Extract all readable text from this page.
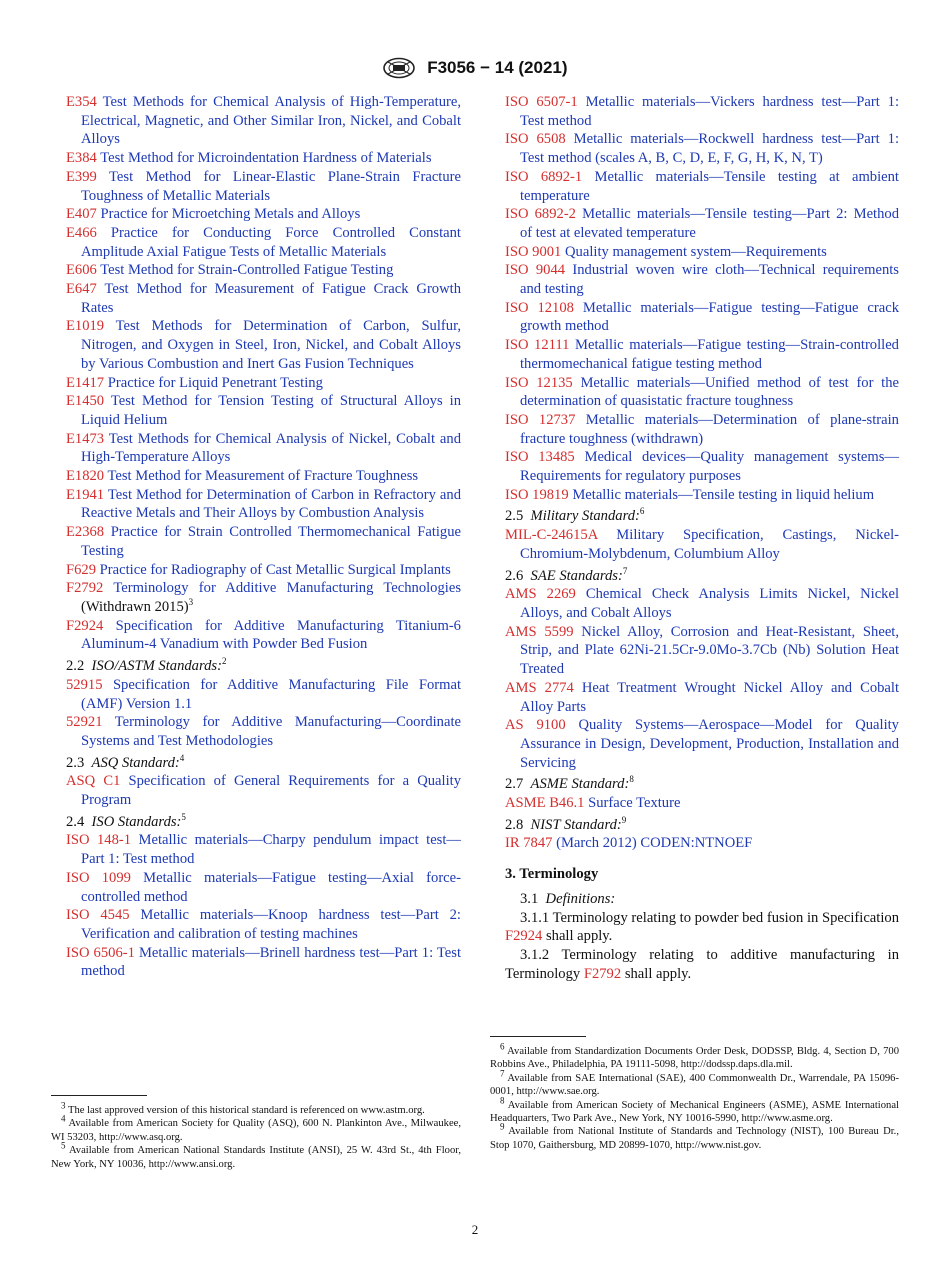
F3056 − 14 (2021)

E354 Test Methods for Chemical Analysis of High-Temperature, Electrical, Magnetic, and Other Similar Iron, Nickel, and Cobalt Alloys

E384 Test Method for Microindentation Hardness of Materials

E399 Test Method for Linear-Elastic Plane-Strain Fracture Toughness of Metallic Materials

E407 Practice for Microetching Metals and Alloys

E466 Practice for Conducting Force Controlled Constant Amplitude Axial Fatigue Tests of Metallic Materials

E606 Test Method for Strain-Controlled Fatigue Testing

E647 Test Method for Measurement of Fatigue Crack Growth Rates

E1019 Test Methods for Determination of Carbon, Sulfur, Nitrogen, and Oxygen in Steel, Iron, Nickel, and Cobalt Alloys by Various Combustion and Inert Gas Fusion Techniques

E1417 Practice for Liquid Penetrant Testing

E1450 Test Method for Tension Testing of Structural Alloys in Liquid Helium

E1473 Test Methods for Chemical Analysis of Nickel, Cobalt and High-Temperature Alloys

E1820 Test Method for Measurement of Fracture Toughness

E1941 Test Method for Determination of Carbon in Refractory and Reactive Metals and Their Alloys by Combustion Analysis

E2368 Practice for Strain Controlled Thermomechanical Fatigue Testing

F629 Practice for Radiography of Cast Metallic Surgical Implants

F2792 Terminology for Additive Manufacturing Technologies (Withdrawn 2015)$^3$

F2924 Specification for Additive Manufacturing Titanium-6 Aluminum-4 Vanadium with Powder Bed Fusion

2.2 ISO/ASTM Standards:$^2$

52915 Specification for Additive Manufacturing File Format (AMF) Version 1.1

52921 Terminology for Additive Manufacturing—Coordinate Systems and Test Methodologies

2.3 ASQ Standard:$^4$

ASQ C1 Specification of General Requirements for a Quality Program

2.4 ISO Standards:$^5$

ISO 148-1 Metallic materials—Charpy pendulum impact test—Part 1: Test method

ISO 1099 Metallic materials—Fatigue testing—Axial force-controlled method

ISO 4545 Metallic materials—Knoop hardness test—Part 2: Verification and calibration of testing machines

ISO 6506-1 Metallic materials—Brinell hardness test—Part 1: Test method

ISO 6507-1 Metallic materials—Vickers hardness test—Part 1: Test method

ISO 6508 Metallic materials—Rockwell hardness test—Part 1: Test method (scales A, B, C, D, E, F, G, H, K, N, T)

ISO 6892-1 Metallic materials—Tensile testing at ambient temperature

ISO 6892-2 Metallic materials—Tensile testing—Part 2: Method of test at elevated temperature

ISO 9001 Quality management system—Requirements

ISO 9044 Industrial woven wire cloth—Technical requirements and testing

ISO 12108 Metallic materials—Fatigue testing—Fatigue crack growth method

ISO 12111 Metallic materials—Fatigue testing—Strain-controlled thermomechanical fatigue testing method

ISO 12135 Metallic materials—Unified method of test for the determination of quasistatic fracture toughness

ISO 12737 Metallic materials—Determination of plane-strain fracture toughness (withdrawn)

ISO 13485 Medical devices—Quality management systems—Requirements for regulatory purposes

ISO 19819 Metallic materials—Tensile testing in liquid helium

2.5 Military Standard:$^6$

MIL-C-24615A Military Specification, Castings, Nickel-Chromium-Molybdenum, Columbium Alloy

2.6 SAE Standards:$^7$

AMS 2269 Chemical Check Analysis Limits Nickel, Nickel Alloys, and Cobalt Alloys

AMS 5599 Nickel Alloy, Corrosion and Heat-Resistant, Sheet, Strip, and Plate 62Ni-21.5Cr-9.0Mo-3.7Cb (Nb) Solution Heat Treated

AMS 2774 Heat Treatment Wrought Nickel Alloy and Cobalt Alloy Parts

AS 9100 Quality Systems—Aerospace—Model for Quality Assurance in Design, Development, Production, Installation and Servicing

2.7 ASME Standard:$^8$

ASME B46.1 Surface Texture

2.8 NIST Standard:$^9$

IR 7847 (March 2012) CODEN:NTNOEF

3. Terminology

3.1 Definitions:

3.1.1 Terminology relating to powder bed fusion in Specification F2924 shall apply.

3.1.2 Terminology relating to additive manufacturing in Terminology F2792 shall apply.

$^3$ The last approved version of this historical standard is referenced on www.astm.org.

$^4$ Available from American Society for Quality (ASQ), 600 N. Plankinton Ave., Milwaukee, WI 53203, http://www.asq.org.

$^5$ Available from American National Standards Institute (ANSI), 25 W. 43rd St., 4th Floor, New York, NY 10036, http://www.ansi.org.

$^6$ Available from Standardization Documents Order Desk, DODSSP, Bldg. 4, Section D, 700 Robbins Ave., Philadelphia, PA 19111-5098, http://dodssp.daps.dla.mil.

$^7$ Available from SAE International (SAE), 400 Commonwealth Dr., Warrendale, PA 15096-0001, http://www.sae.org.

$^8$ Available from American Society of Mechanical Engineers (ASME), ASME International Headquarters, Two Park Ave., New York, NY 10016-5990, http://www.asme.org.

$^9$ Available from National Institute of Standards and Technology (NIST), 100 Bureau Dr., Stop 1070, Gaithersburg, MD 20899-1070, http://www.nist.gov.

2
